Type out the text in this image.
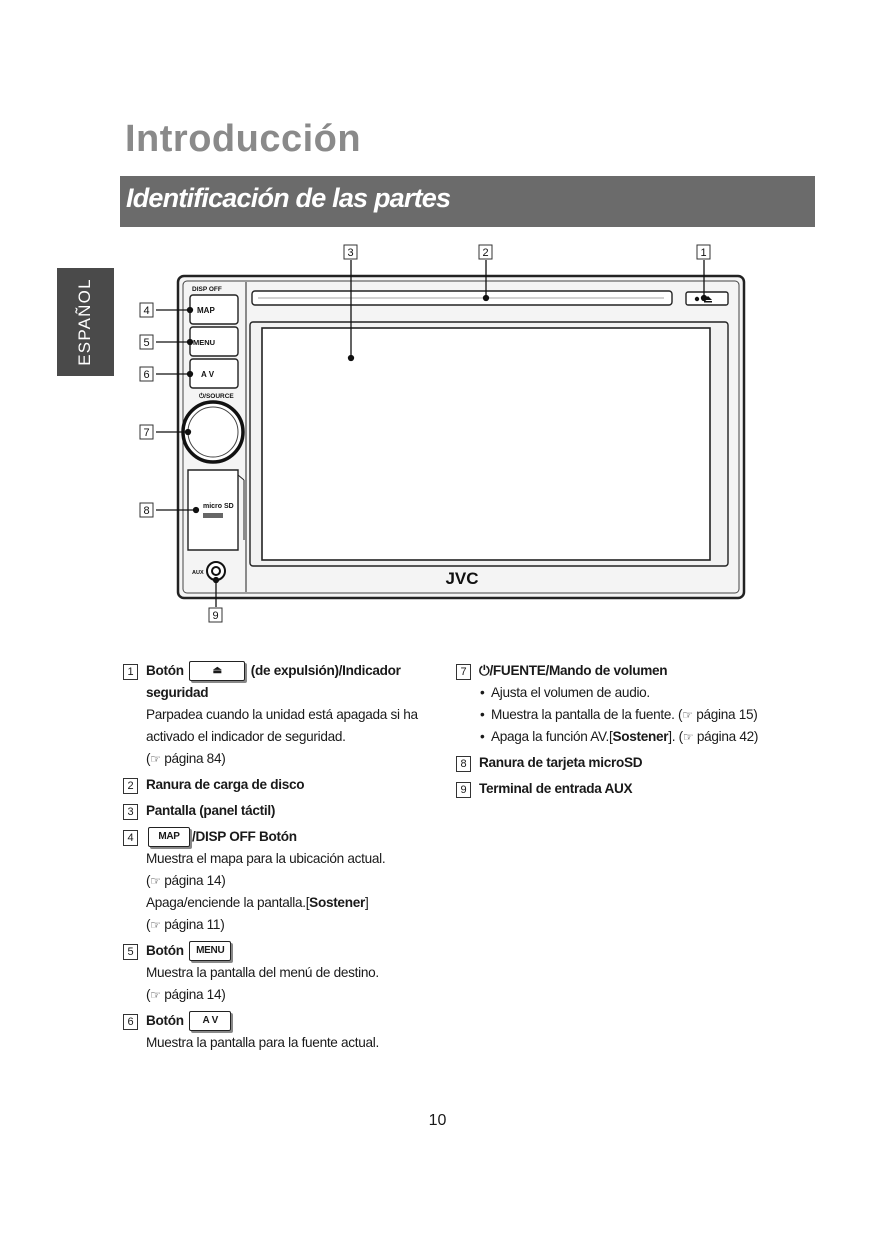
Introducción
Identificación de las partes
ESPAÑOL
JVC
DISP OFF
MAP
MENU
A V
⏻/SOURCE
micro SD
AUX
1
2
3
4
5
6
7
8
9
1 Botón	⏏ (de expulsión)/Indicador
seguridad
Parpadea cuando la unidad está apagada si ha activado el indicador de seguridad.
(☞ página 84)
2 Ranura de carga de disco
3 Pantalla (panel táctil)
4	MAP /DISP OFF Botón
Muestra el mapa para la ubicación actual.
(☞ página 14)
Apaga/enciende la pantalla.[Sostener]
(☞ página 11)
5 Botón MENU
Muestra la pantalla del menú de destino.
(☞ página 14)
6 Botón A V
Muestra la pantalla para la fuente actual.
7 ⏻/FUENTE/Mando de volumen
• Ajusta el volumen de audio.
• Muestra la pantalla de la fuente. (☞ página 15)
• Apaga la función AV.[Sostener]. (☞ página 42)
8 Ranura de tarjeta microSD
9 Terminal de entrada AUX
10
